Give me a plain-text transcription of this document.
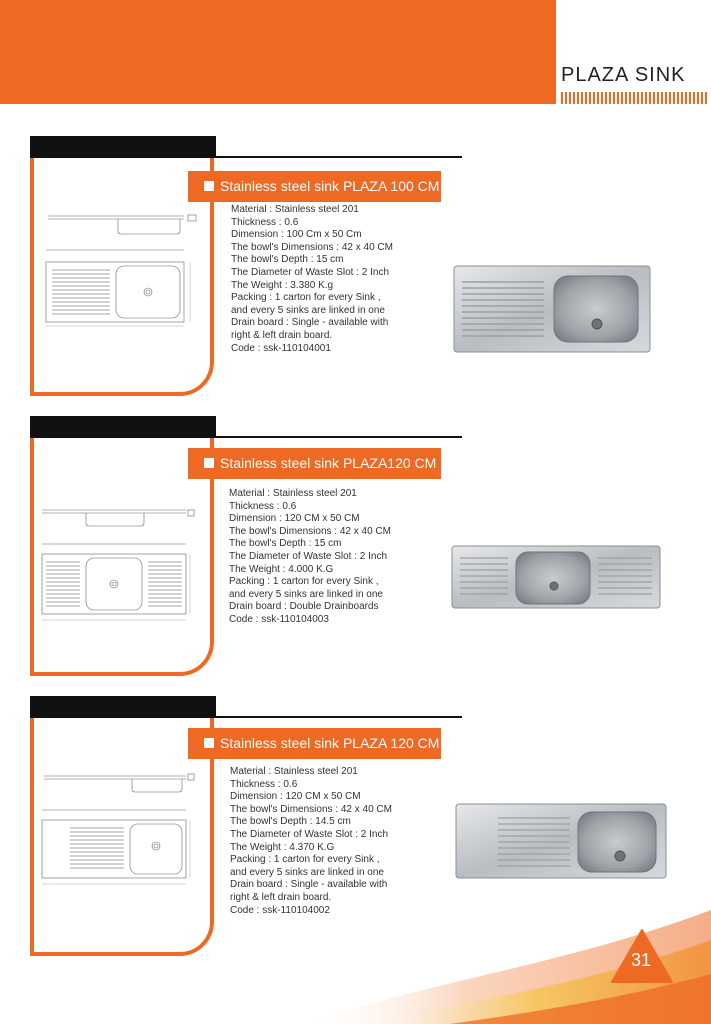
PLAZA SINK
Stainless steel sink PLAZA 100 CM
Material : Stainless steel 201
Thickness : 0.6
Dimension : 100 Cm x 50 Cm
The bowl's Dimensions : 42 x 40 CM
The bowl's Depth : 15 cm
The Diameter of Waste Slot : 2 Inch
The Weight : 3.380 K.g
Packing : 1 carton for every Sink ,
and every 5 sinks are linked in one
Drain board : Single - available with
right & left drain board.
Code : ssk-110104001
Stainless steel sink PLAZA120 CM
Material : Stainless steel 201
Thickness : 0.6
Dimension : 120 CM x 50 CM
The bowl's Dimensions : 42 x 40 CM
The bowl's Depth : 15 cm
The Diameter of Waste Slot : 2 Inch
The Weight : 4.000 K.G
Packing : 1 carton for every Sink ,
and every 5 sinks are linked in one
Drain board : Double Drainboards
Code : ssk-110104003
Stainless steel sink PLAZA 120 CM
Material : Stainless steel 201
Thickness : 0.6
Dimension : 120 CM x 50 CM
The bowl's Dimensions : 42 x 40 CM
The bowl's Depth : 14.5 cm
The Diameter of Waste Slot : 2 Inch
The Weight : 4.370 K.G
Packing : 1 carton for every Sink ,
and every 5 sinks are linked in one
Drain board : Single - available with
right & left drain board.
Code : ssk-110104002
31
